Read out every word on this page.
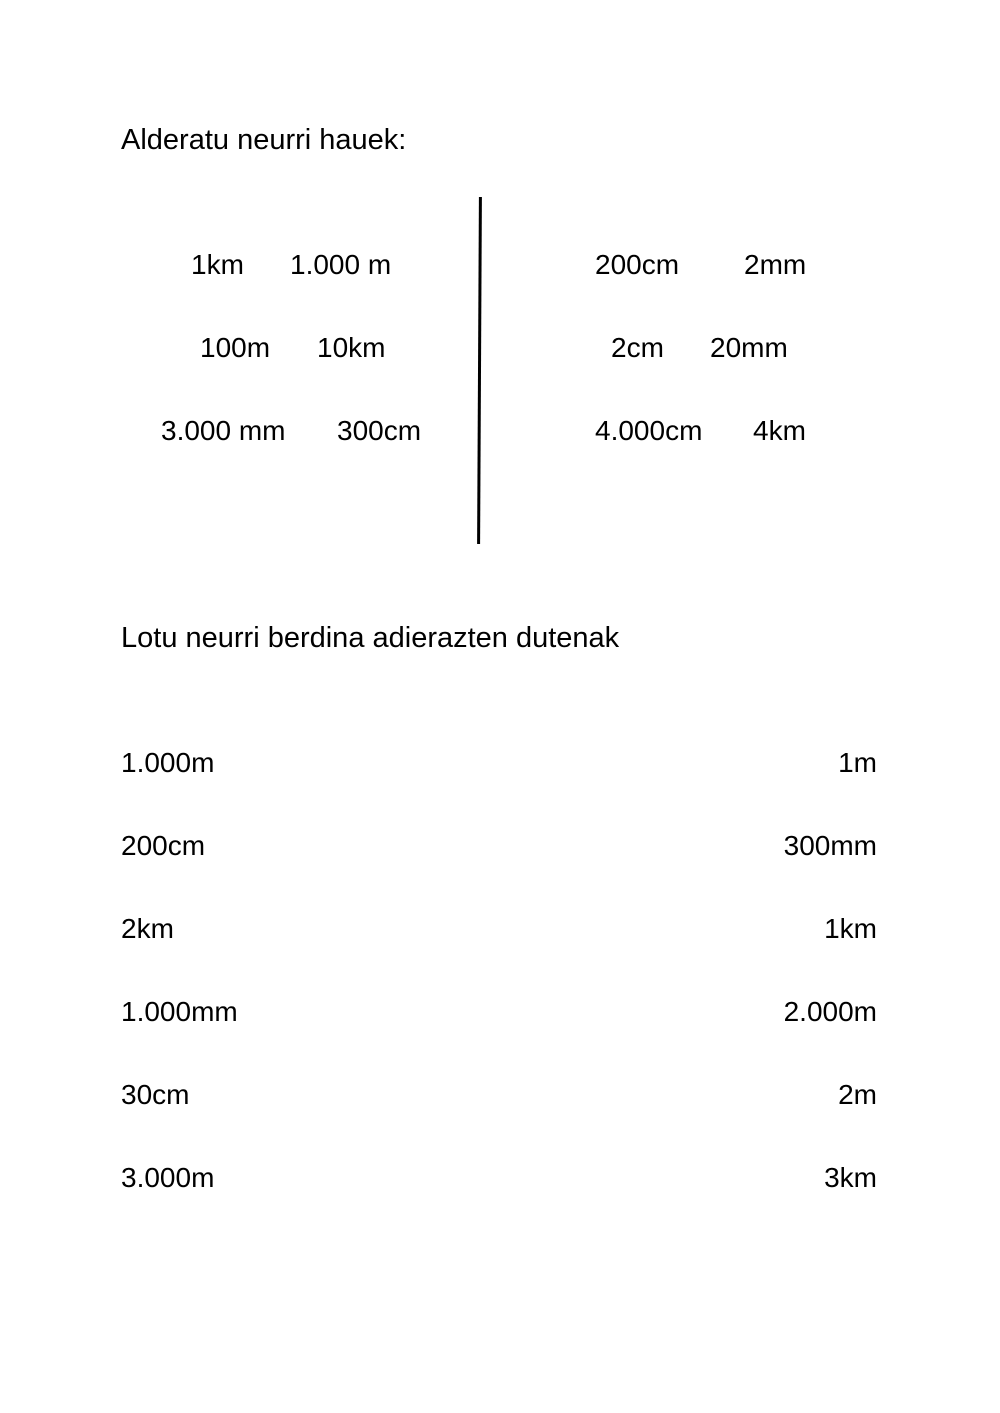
Alderatu neurri hauek:
1km 1.000 m
100m 10km
3.000 mm 300cm
200cm 2mm
2cm 20mm
4.000cm 4km
Lotu neurri berdina adierazten dutenak
1.000m	1m
200cm	300mm
2km	1km
1.000mm	2.000m
30cm	2m
3.000m	3km
